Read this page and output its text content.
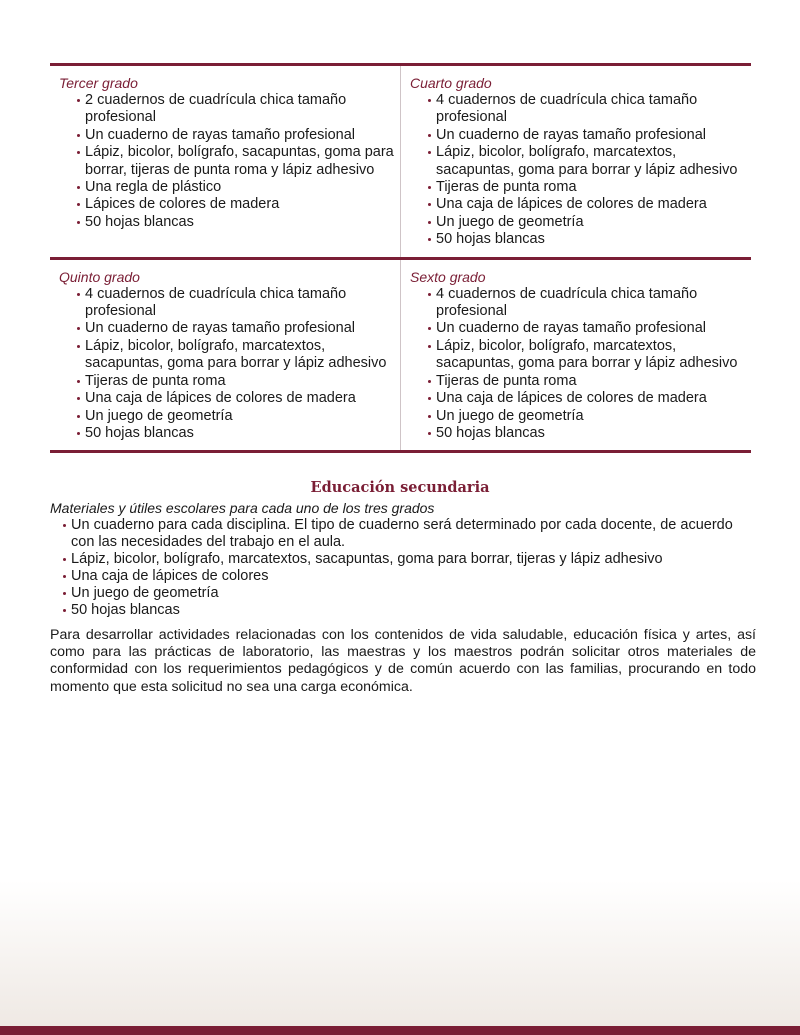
Tercer grado
2 cuadernos de cuadrícula chica tamaño profesional
Un cuaderno de rayas tamaño profesional
Lápiz, bicolor, bolígrafo, sacapuntas, goma para borrar, tijeras de punta roma y lápiz adhesivo
Una regla de plástico
Lápices de colores de madera
50 hojas blancas
Cuarto grado
4 cuadernos de cuadrícula chica tamaño profesional
Un cuaderno de rayas tamaño profesional
Lápiz, bicolor, bolígrafo, marcatextos, sacapuntas, goma para borrar y lápiz adhesivo
Tijeras de punta roma
Una caja de lápices de colores de madera
Un juego de geometría
50 hojas blancas
Quinto grado
4 cuadernos de cuadrícula chica tamaño profesional
Un cuaderno de rayas tamaño profesional
Lápiz, bicolor, bolígrafo, marcatextos, sacapuntas, goma para borrar y lápiz adhesivo
Tijeras de punta roma
Una caja de lápices de colores de madera
Un juego de geometría
50 hojas blancas
Sexto grado
4 cuadernos de cuadrícula chica tamaño profesional
Un cuaderno de rayas tamaño profesional
Lápiz, bicolor, bolígrafo, marcatextos, sacapuntas, goma para borrar y lápiz adhesivo
Tijeras de punta roma
Una caja de lápices de colores de madera
Un juego de geometría
50 hojas blancas
Educación secundaria
Materiales y útiles escolares para cada uno de los tres grados
Un cuaderno para cada disciplina. El tipo de cuaderno será determinado por cada docente, de acuerdo con las necesidades del trabajo en el aula.
Lápiz, bicolor, bolígrafo, marcatextos, sacapuntas, goma para borrar, tijeras y lápiz adhesivo
Una caja de lápices de colores
Un juego de geometría
50 hojas blancas
Para desarrollar actividades relacionadas con los contenidos de vida saludable, educación física y artes, así como para las prácticas de laboratorio, las maestras y los maestros podrán solicitar otros materiales de conformidad con los requerimientos pedagógicos y de común acuerdo con las familias, procurando en todo momento que esta solicitud no sea una carga económica.
